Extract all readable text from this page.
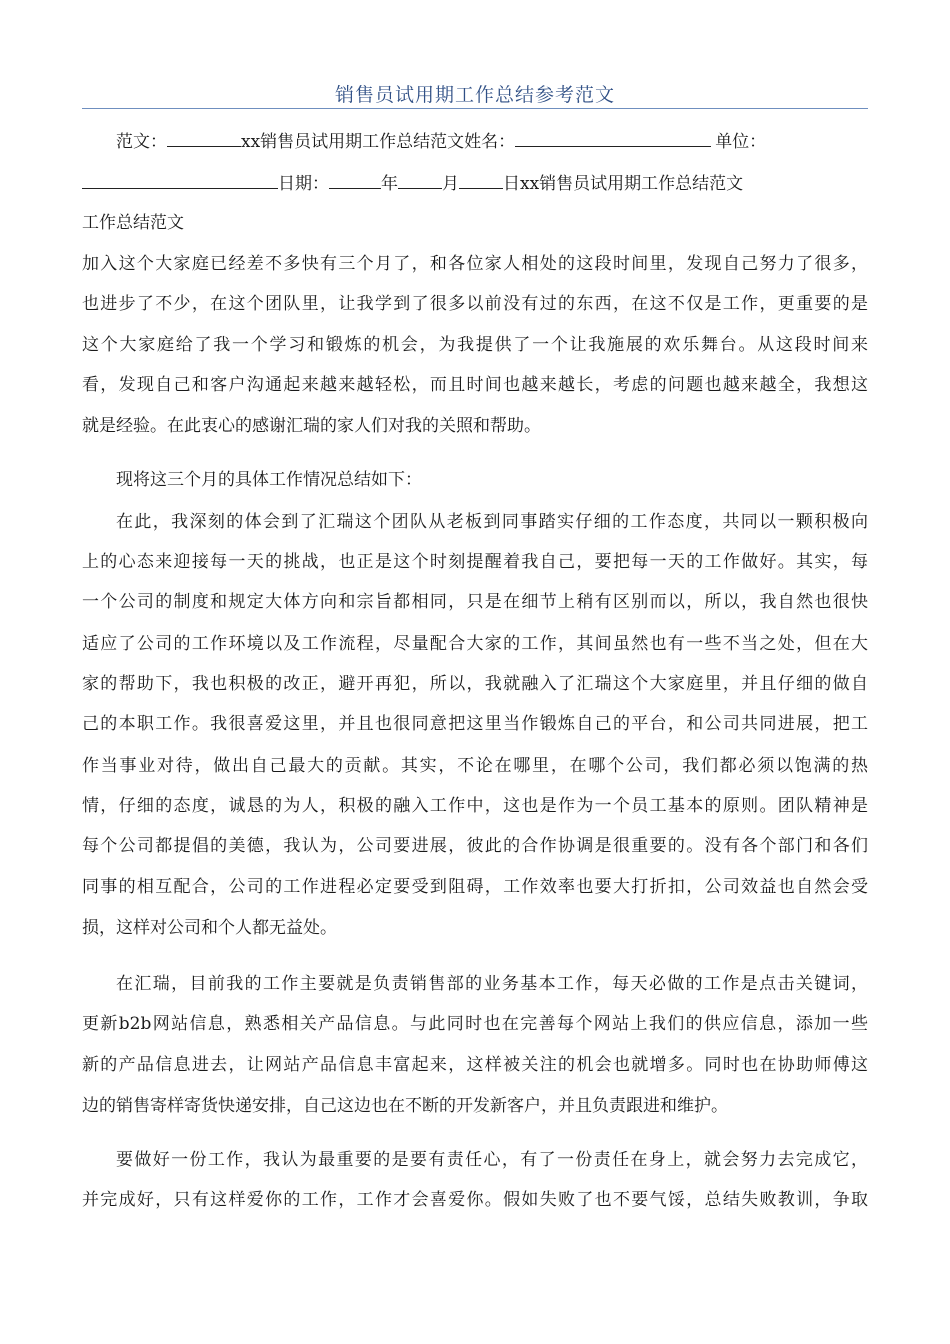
销售员试用期工作总结参考范文
范文：	xx销售员试用期工作总结范文姓名：	单位：
日期：	年	月	日xx销售员试用期工作总结范文
工作总结范文
加入这个大家庭已经差不多快有三个月了，和各位家人相处的这段时间里，发现自己努力了很多，
也进步了不少，在这个团队里，让我学到了很多以前没有过的东西，在这不仅是工作，更重要的是
这个大家庭给了我一个学习和锻炼的机会，为我提供了一个让我施展的欢乐舞台。从这段时间来
看，发现自己和客户沟通起来越来越轻松，而且时间也越来越长，考虑的问题也越来越全，我想这
就是经验。在此衷心的感谢汇瑞的家人们对我的关照和帮助。
现将这三个月的具体工作情况总结如下：
在此，我深刻的体会到了汇瑞这个团队从老板到同事踏实仔细的工作态度，共同以一颗积极向
上的心态来迎接每一天的挑战，也正是这个时刻提醒着我自己，要把每一天的工作做好。其实，每
一个公司的制度和规定大体方向和宗旨都相同，只是在细节上稍有区别而以，所以，我自然也很快
适应了公司的工作环境以及工作流程，尽量配合大家的工作，其间虽然也有一些不当之处，但在大
家的帮助下，我也积极的改正，避开再犯，所以，我就融入了汇瑞这个大家庭里，并且仔细的做自
己的本职工作。我很喜爱这里，并且也很同意把这里当作锻炼自己的平台，和公司共同进展，把工
作当事业对待，做出自己最大的贡献。其实，不论在哪里，在哪个公司，我们都必须以饱满的热
情，仔细的态度，诚恳的为人，积极的融入工作中，这也是作为一个员工基本的原则。团队精神是
每个公司都提倡的美德，我认为，公司要进展，彼此的合作协调是很重要的。没有各个部门和各们
同事的相互配合，公司的工作进程必定要受到阻碍，工作效率也要大打折扣，公司效益也自然会受
损，这样对公司和个人都无益处。
在汇瑞，目前我的工作主要就是负责销售部的业务基本工作，每天必做的工作是点击关键词，
更新b2b网站信息，熟悉相关产品信息。与此同时也在完善每个网站上我们的供应信息，添加一些
新的产品信息进去，让网站产品信息丰富起来，这样被关注的机会也就增多。同时也在协助师傅这
边的销售寄样寄货快递安排，自己这边也在不断的开发新客户，并且负责跟进和维护。
要做好一份工作，我认为最重要的是要有责任心，有了一份责任在身上，就会努力去完成它，
并完成好，只有这样爱你的工作，工作才会喜爱你。假如失败了也不要气馁，总结失败教训，争取
